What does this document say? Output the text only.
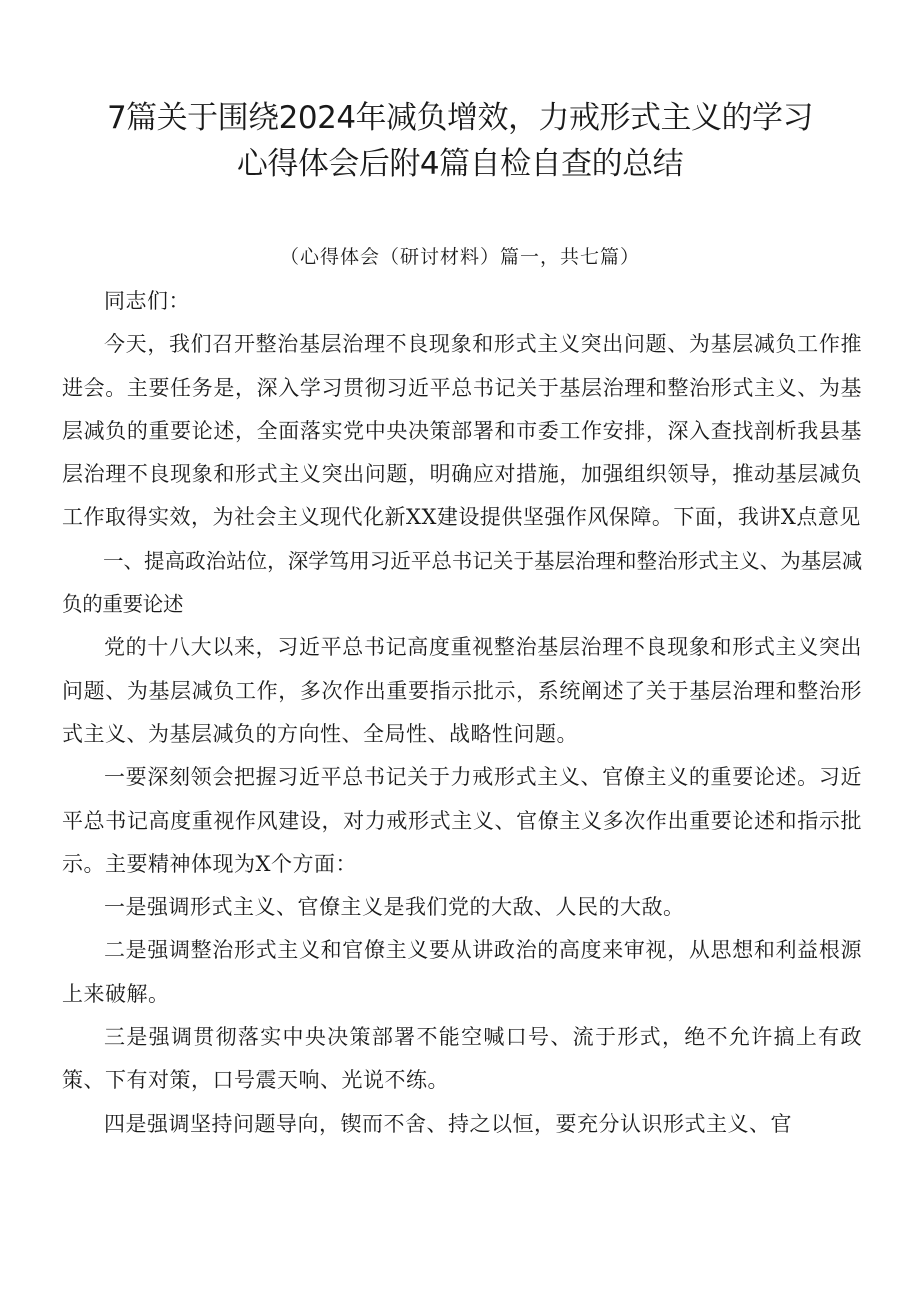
7篇关于围绕2024年减负增效，力戒形式主义的学习
心得体会后附4篇自检自查的总结
（心得体会（研讨材料）篇一，共七篇）

同志们：

今天，我们召开整治基层治理不良现象和形式主义突出问题、为基层减负工作推进会。主要任务是，深入学习贯彻习近平总书记关于基层治理和整治形式主义、为基层减负的重要论述，全面落实党中央决策部署和市委工作安排，深入查找剖析我县基层治理不良现象和形式主义突出问题，明确应对措施，加强组织领导，推动基层减负工作取得实效，为社会主义现代化新XX建设提供坚强作风保障。下面，我讲X点意见

一、提高政治站位，深学笃用习近平总书记关于基层治理和整治形式主义、为基层减负的重要论述

党的十八大以来，习近平总书记高度重视整治基层治理不良现象和形式主义突出问题、为基层减负工作，多次作出重要指示批示，系统阐述了关于基层治理和整治形式主义、为基层减负的方向性、全局性、战略性问题。

一要深刻领会把握习近平总书记关于力戒形式主义、官僚主义的重要论述。习近平总书记高度重视作风建设，对力戒形式主义、官僚主义多次作出重要论述和指示批示。主要精神体现为X个方面：

一是强调形式主义、官僚主义是我们党的大敌、人民的大敌。

二是强调整治形式主义和官僚主义要从讲政治的高度来审视，从思想和利益根源上来破解。

三是强调贯彻落实中央决策部署不能空喊口号、流于形式，绝不允许搞上有政策、下有对策，口号震天响、光说不练。

四是强调坚持问题导向，锲而不舍、持之以恒，要充分认识形式主义、官
